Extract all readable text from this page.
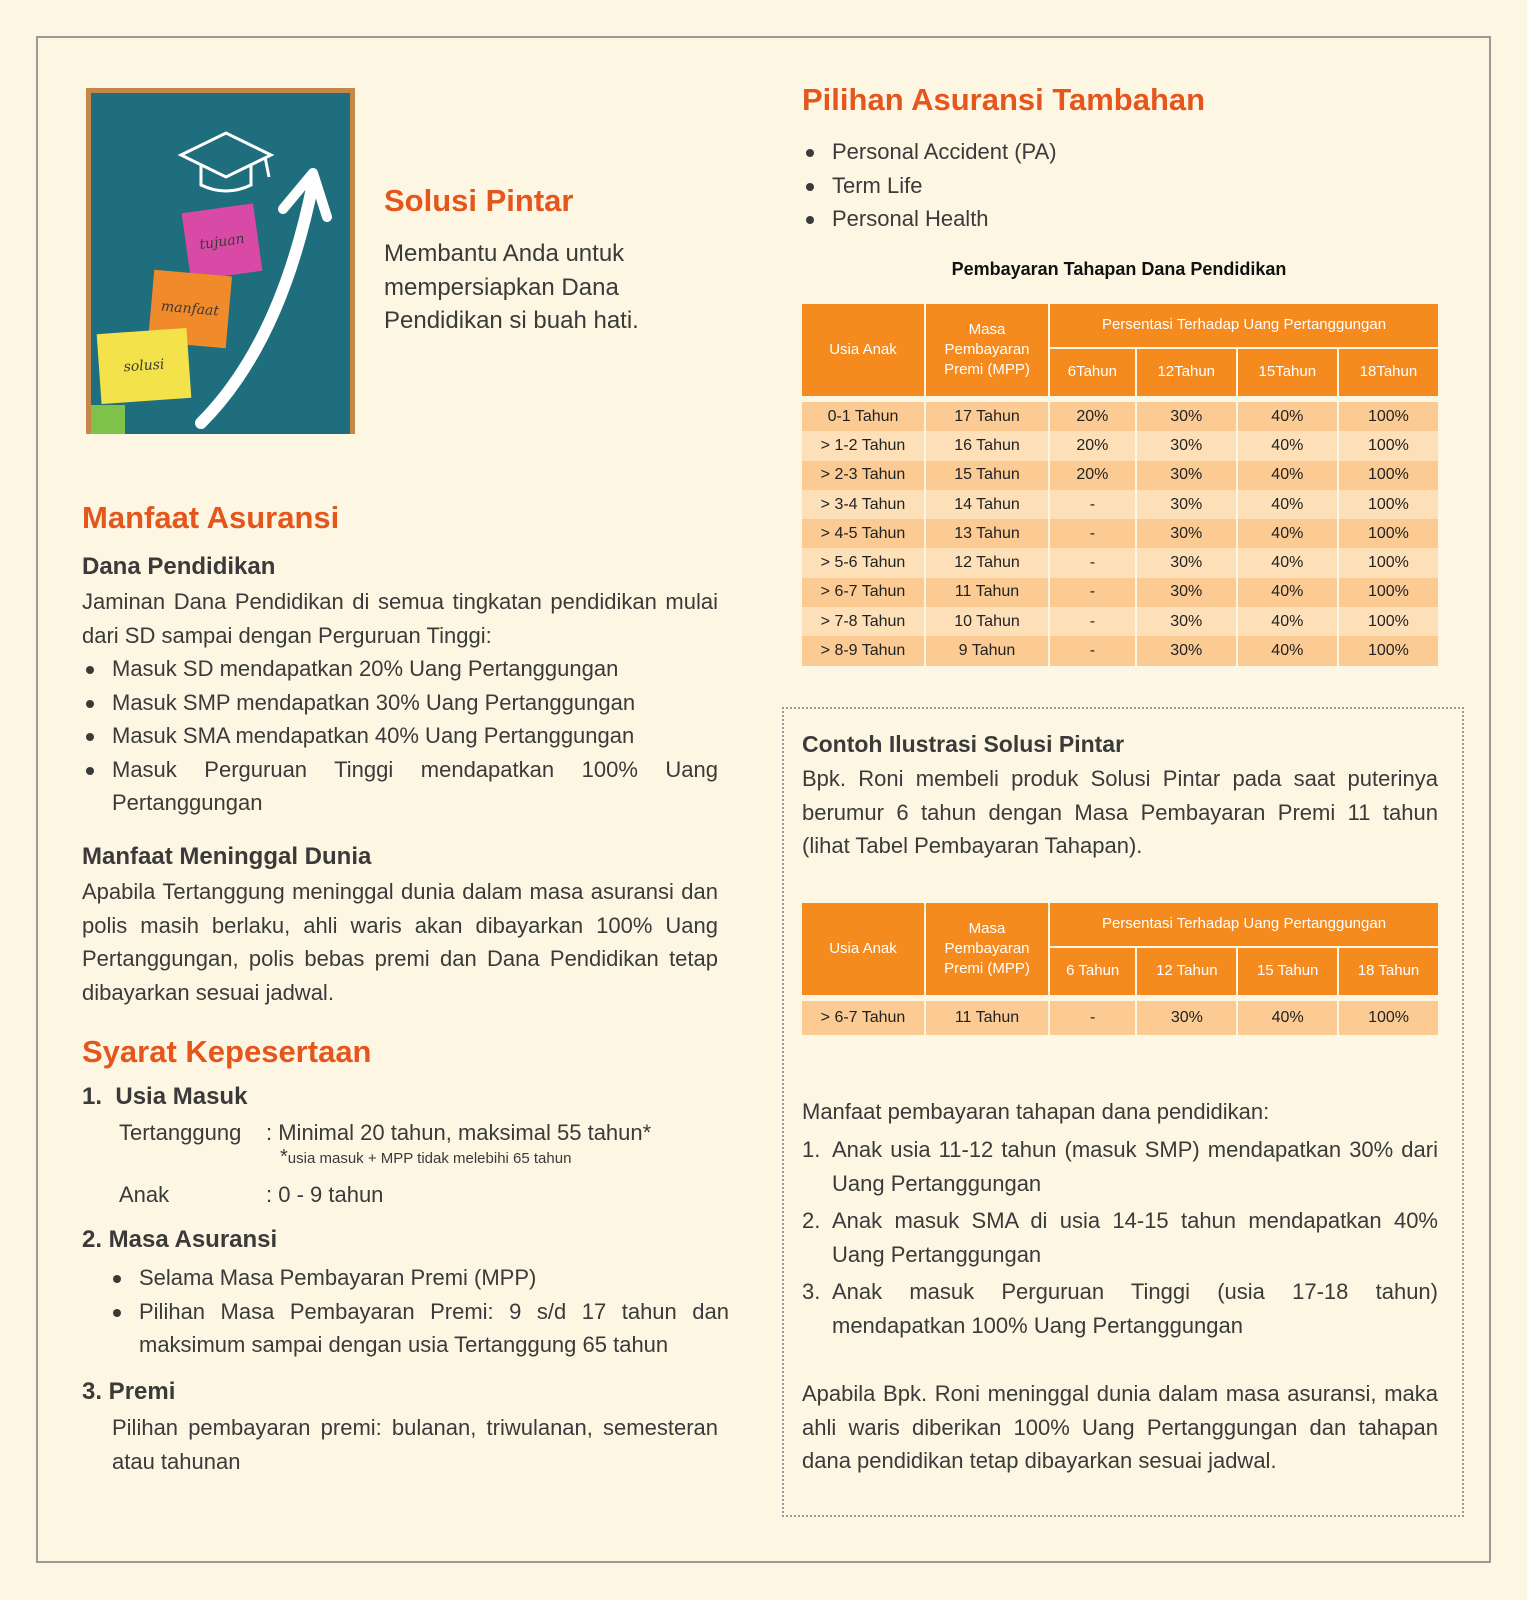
tujuan
manfaat
solusi
Solusi Pintar

Membantu Anda untuk mempersiapkan Dana Pendidikan si buah hati.

Manfaat Asuransi
Dana Pendidikan

Jaminan Dana Pendidikan di semua tingkatan pendidikan mulai dari SD sampai dengan Perguruan Tinggi:

Masuk SD mendapatkan 20% Uang Pertanggungan
Masuk SMP mendapatkan 30% Uang Pertanggungan
Masuk SMA mendapatkan 40% Uang Pertanggungan
Masuk Perguruan Tinggi mendapatkan 100% Uang Pertanggungan
Manfaat Meninggal Dunia

Apabila Tertanggung meninggal dunia dalam masa asuransi dan polis masih berlaku, ahli waris akan dibayarkan 100% Uang Pertanggungan, polis bebas premi dan Dana Pendidikan tetap dibayarkan sesuai jadwal.

Syarat Kepesertaan
1. Usia Masuk

Tertanggung : Minimal 20 tahun, maksimal 55 tahun*

*usia masuk + MPP tidak melebihi 65 tahun

Anak	: 0 - 9 tahun

2. Masa Asuransi
Selama Masa Pembayaran Premi (MPP)
Pilihan Masa Pembayaran Premi: 9 s/d 17 tahun dan maksimum sampai dengan usia Tertanggung 65 tahun
3. Premi

Pilihan pembayaran premi: bulanan, triwulanan, semesteran atau tahunan

Pilihan Asuransi Tambahan
Personal Accident (PA)
Term Life
Personal Health
Pembayaran Tahapan Dana Pendidikan
Usia Anak	Masa Pembayaran Premi (MPP)	Persentasi Terhadap Uang Pertanggungan			
		6Tahun	12Tahun	15Tahun	18Tahun

0-1 Tahun	17 Tahun	20%	30%	40%	100%
> 1-2 Tahun	16 Tahun	20%	30%	40%	100%
> 2-3 Tahun	15 Tahun	20%	30%	40%	100%
> 3-4 Tahun	14 Tahun	-	30%	40%	100%
> 4-5 Tahun	13 Tahun	-	30%	40%	100%
> 5-6 Tahun	12 Tahun	-	30%	40%	100%
> 6-7 Tahun	11 Tahun	-	30%	40%	100%
> 7-8 Tahun	10 Tahun	-	30%	40%	100%
> 8-9 Tahun	9 Tahun	-	30%	40%	100%
Contoh Ilustrasi Solusi Pintar

Bpk. Roni membeli produk Solusi Pintar pada saat puterinya berumur 6 tahun dengan Masa Pembayaran Premi 11 tahun (lihat Tabel Pembayaran Tahapan).

Usia Anak	Masa Pembayaran Premi (MPP)	Persentasi Terhadap Uang Pertanggungan			
		6 Tahun	12 Tahun	15 Tahun	18 Tahun

> 6-7 Tahun	11 Tahun	-	30%	40%	100%

Manfaat pembayaran tahapan dana pendidikan:

1. Anak usia 11-12 tahun (masuk SMP) mendapatkan 30% dari Uang Pertanggungan
2. Anak masuk SMA di usia 14-15 tahun mendapatkan 40% Uang Pertanggungan
3. Anak masuk Perguruan Tinggi (usia 17-18 tahun) mendapatkan 100% Uang Pertanggungan

Apabila Bpk. Roni meninggal dunia dalam masa asuransi, maka ahli waris diberikan 100% Uang Pertanggungan dan tahapan dana pendidikan tetap dibayarkan sesuai jadwal.
